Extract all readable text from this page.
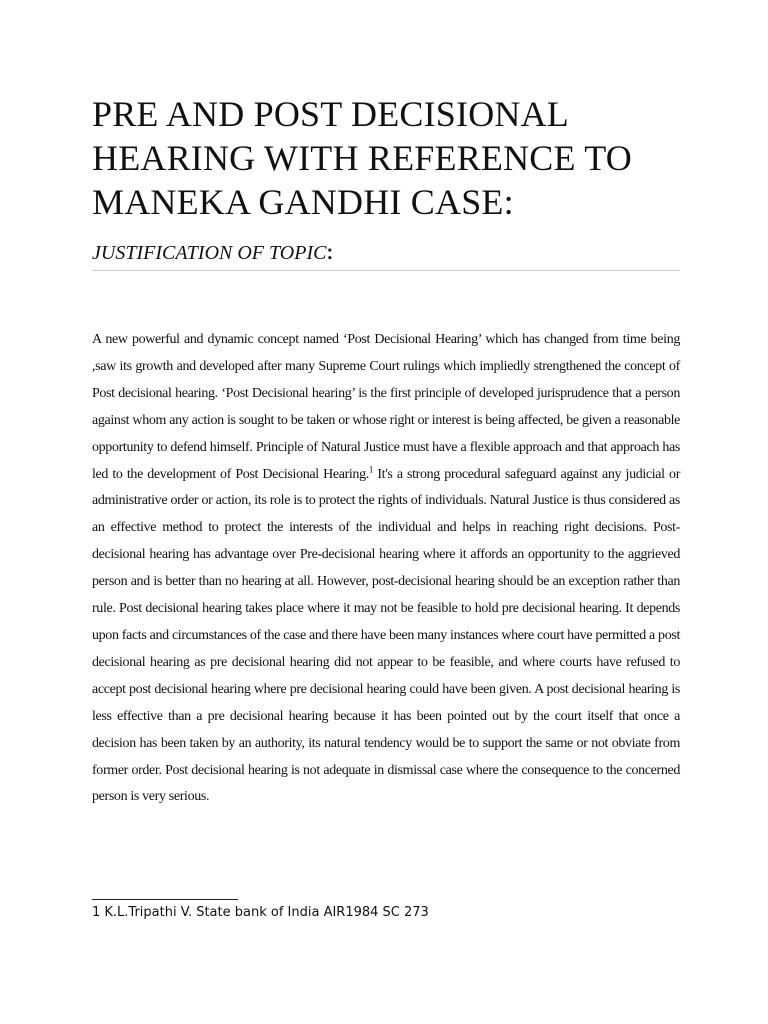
PRE AND POST DECISIONAL HEARING WITH REFERENCE TO MANEKA GANDHI CASE:
JUSTIFICATION OF TOPIC:

A new powerful and dynamic concept named ‘Post Decisional Hearing’ which has changed from time being ,saw its growth and developed after many Supreme Court rulings which impliedly strengthened the concept of Post decisional hearing. ‘Post Decisional hearing’ is the first principle of developed jurisprudence that a person against whom any action is sought to be taken or whose right or interest is being affected, be given a reasonable opportunity to defend himself. Principle of Natural Justice must have a flexible approach and that approach has led to the development of Post Decisional Hearing.$^1$ It's a strong procedural safeguard against any judicial or administrative order or action, its role is to protect the rights of individuals. Natural Justice is thus considered as an effective method to protect the interests of the individual and helps in reaching right decisions. Post-decisional hearing has advantage over Pre-decisional hearing where it affords an opportunity to the aggrieved person and is better than no hearing at all. However, post-decisional hearing should be an exception rather than rule. Post decisional hearing takes place where it may not be feasible to hold pre decisional hearing. It depends upon facts and circumstances of the case and there have been many instances where court have permitted a post decisional hearing as pre decisional hearing did not appear to be feasible, and where courts have refused to accept post decisional hearing where pre decisional hearing could have been given. A post decisional hearing is less effective than a pre decisional hearing because it has been pointed out by the court itself that once a decision has been taken by an authority, its natural tendency would be to support the same or not obviate from former order. Post decisional hearing is not adequate in dismissal case where the consequence to the concerned person is very serious.

1 K.L.Tripathi V. State bank of India AIR1984 SC 273
